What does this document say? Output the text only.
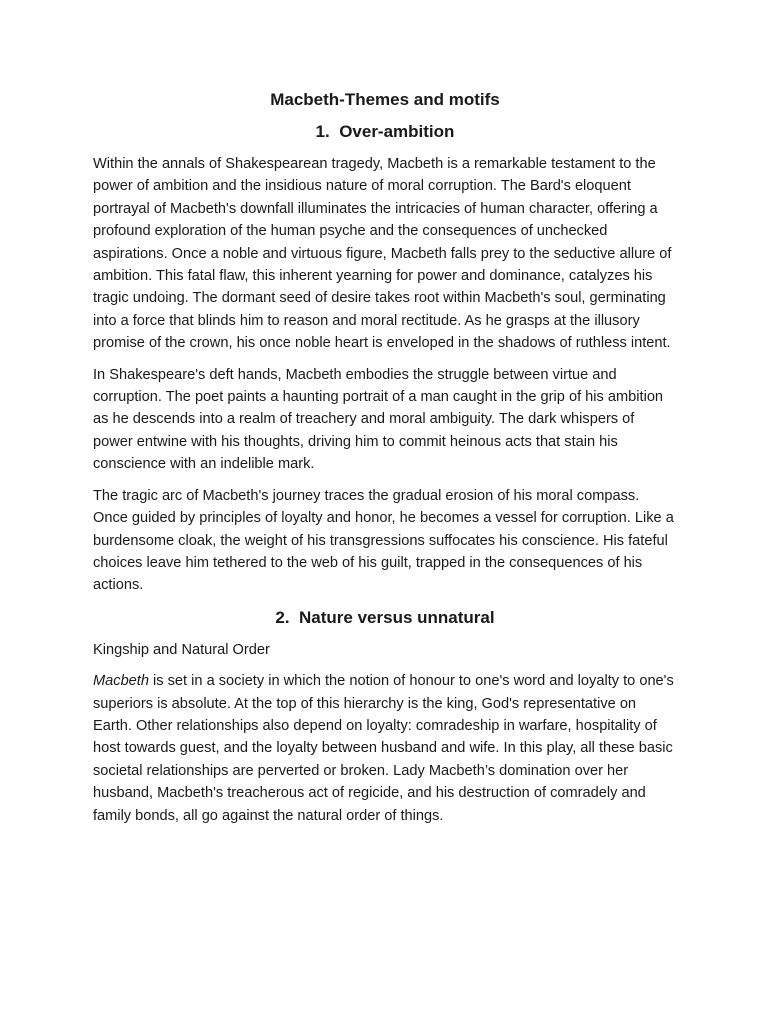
Macbeth-Themes and motifs
1. Over-ambition

Within the annals of Shakespearean tragedy, Macbeth is a remarkable testament to the power of ambition and the insidious nature of moral corruption. The Bard's eloquent portrayal of Macbeth's downfall illuminates the intricacies of human character, offering a profound exploration of the human psyche and the consequences of unchecked aspirations. Once a noble and virtuous figure, Macbeth falls prey to the seductive allure of ambition. This fatal flaw, this inherent yearning for power and dominance, catalyzes his tragic undoing. The dormant seed of desire takes root within Macbeth's soul, germinating into a force that blinds him to reason and moral rectitude. As he grasps at the illusory promise of the crown, his once noble heart is enveloped in the shadows of ruthless intent.

In Shakespeare's deft hands, Macbeth embodies the struggle between virtue and corruption. The poet paints a haunting portrait of a man caught in the grip of his ambition as he descends into a realm of treachery and moral ambiguity. The dark whispers of power entwine with his thoughts, driving him to commit heinous acts that stain his conscience with an indelible mark.

The tragic arc of Macbeth's journey traces the gradual erosion of his moral compass. Once guided by principles of loyalty and honor, he becomes a vessel for corruption. Like a burdensome cloak, the weight of his transgressions suffocates his conscience. His fateful choices leave him tethered to the web of his guilt, trapped in the consequences of his actions.

2. Nature versus unnatural

Kingship and Natural Order

Macbeth is set in a society in which the notion of honour to one's word and loyalty to one's superiors is absolute. At the top of this hierarchy is the king, God's representative on Earth. Other relationships also depend on loyalty: comradeship in warfare, hospitality of host towards guest, and the loyalty between husband and wife. In this play, all these basic societal relationships are perverted or broken. Lady Macbeth’s domination over her husband, Macbeth's treacherous act of regicide, and his destruction of comradely and family bonds, all go against the natural order of things.
